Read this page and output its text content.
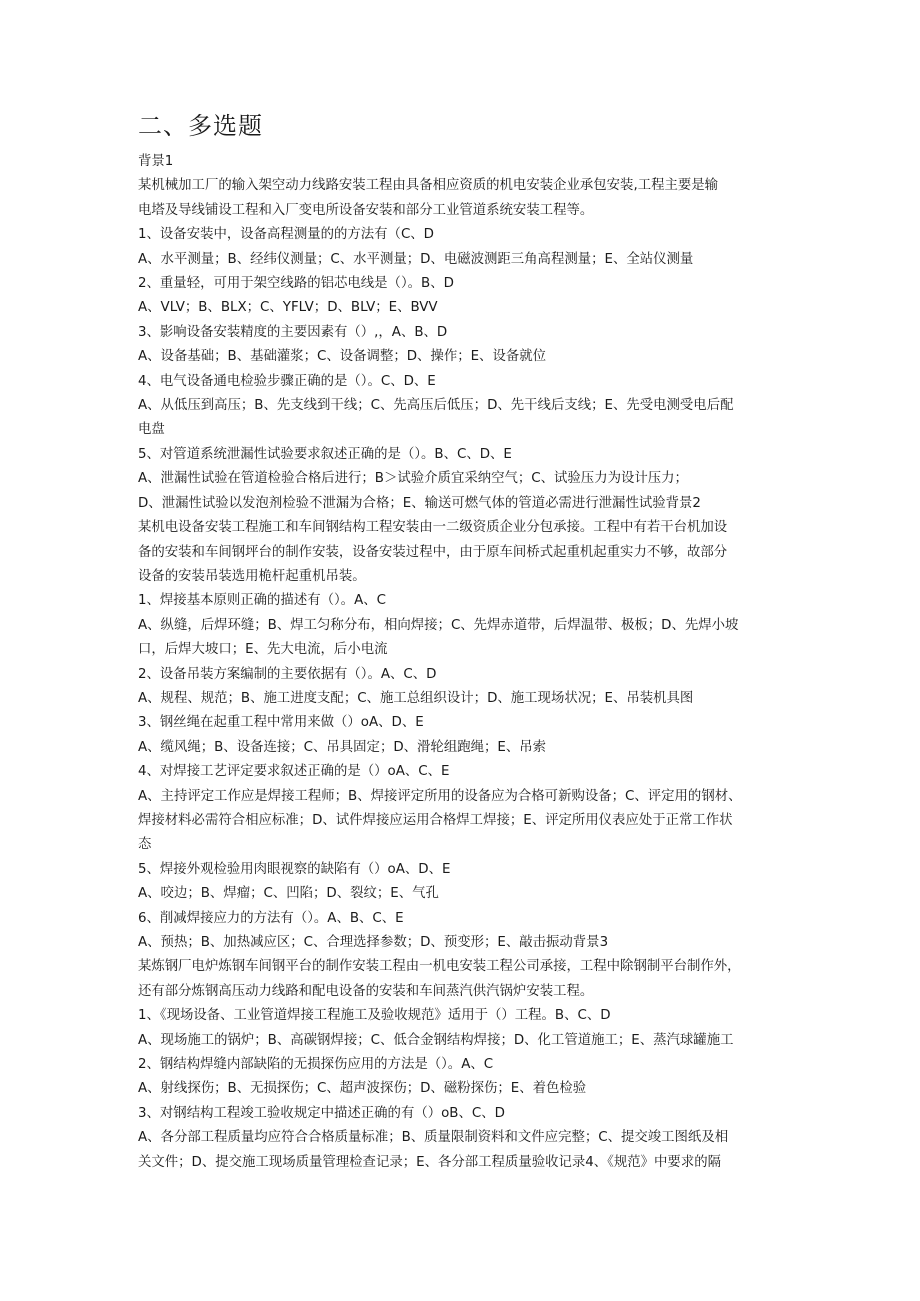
二、多选题
背景1
某机械加工厂的输入架空动力线路安装工程由具备相应资质的机电安装企业承包安装,工程主要是输
电塔及导线铺设工程和入厂变电所设备安装和部分工业管道系统安装工程等。
1、设备安装中，设备高程测量的的方法有（C、D
A、水平测量；B、经纬仪测量；C、水平测量；D、电磁波测距三角高程测量；E、全站仪测量
2、重量轻，可用于架空线路的铝芯电线是（）。B、D
A、VLV；B、BLX；C、YFLV；D、BLV；E、BVV
3、影响设备安装精度的主要因素有（）,，A、B、D
A、设备基础；B、基础灌浆；C、设备调整；D、操作；E、设备就位
4、电气设备通电检验步骤正确的是（）。C、D、E
A、从低压到高压；B、先支线到干线；C、先高压后低压；D、先干线后支线；E、先受电测受电后配
电盘
5、对管道系统泄漏性试验要求叙述正确的是（）。B、C、D、E
A、泄漏性试验在管道检验合格后进行；B＞试验介质宜采纳空气；C、试验压力为设计压力；
D、泄漏性试验以发泡剂检验不泄漏为合格；E、输送可燃气体的管道必需进行泄漏性试验背景2
某机电设备安装工程施工和车间钢结构工程安装由一二级资质企业分包承接。工程中有若干台机加设
备的安装和车间钢坪台的制作安装，设备安装过程中，由于原车间桥式起重机起重实力不够，故部分
设备的安装吊装选用桅杆起重机吊装。
1、焊接基本原则正确的描述有（）。A、C
A、纵缝，后焊环缝；B、焊工匀称分布，相向焊接；C、先焊赤道带，后焊温带、极板；D、先焊小坡
口，后焊大坡口；E、先大电流，后小电流
2、设备吊装方案编制的主要依据有（）。A、C、D
A、规程、规范；B、施工进度支配；C、施工总组织设计；D、施工现场状况；E、吊装机具图
3、钢丝绳在起重工程中常用来做（）oA、D、E
A、缆风绳；B、设备连接；C、吊具固定；D、滑轮组跑绳；E、吊索
4、对焊接工艺评定要求叙述正确的是（）oA、C、E
A、主持评定工作应是焊接工程师；B、焊接评定所用的设备应为合格可新购设备；C、评定用的钢材、
焊接材料必需符合相应标准；D、试件焊接应运用合格焊工焊接；E、评定所用仪表应处于正常工作状
态
5、焊接外观检验用肉眼视察的缺陷有（）oA、D、E
A、咬边；B、焊瘤；C、凹陷；D、裂纹；E、气孔
6、削减焊接应力的方法有（）。A、B、C、E
A、预热；B、加热减应区；C、合理选择参数；D、预变形；E、敲击振动背景3
某炼钢厂电炉炼钢车间钢平台的制作安装工程由一机电安装工程公司承接，工程中除钢制平台制作外，
还有部分炼钢高压动力线路和配电设备的安装和车间蒸汽供汽锅炉安装工程。
1、《现场设备、工业管道焊接工程施工及验收规范》适用于（）工程。B、C、D
A、现场施工的锅炉；B、高碳钢焊接；C、低合金钢结构焊接；D、化工管道施工；E、蒸汽球罐施工
2、钢结构焊缝内部缺陷的无损探伤应用的方法是（）。A、C
A、射线探伤；B、无损探伤；C、超声波探伤；D、磁粉探伤；E、着色检验
3、对钢结构工程竣工验收规定中描述正确的有（）oB、C、D
A、各分部工程质量均应符合合格质量标准；B、质量限制资料和文件应完整；C、提交竣工图纸及相
关文件；D、提交施工现场质量管理检查记录；E、各分部工程质量验收记录4、《规范》中要求的隔
